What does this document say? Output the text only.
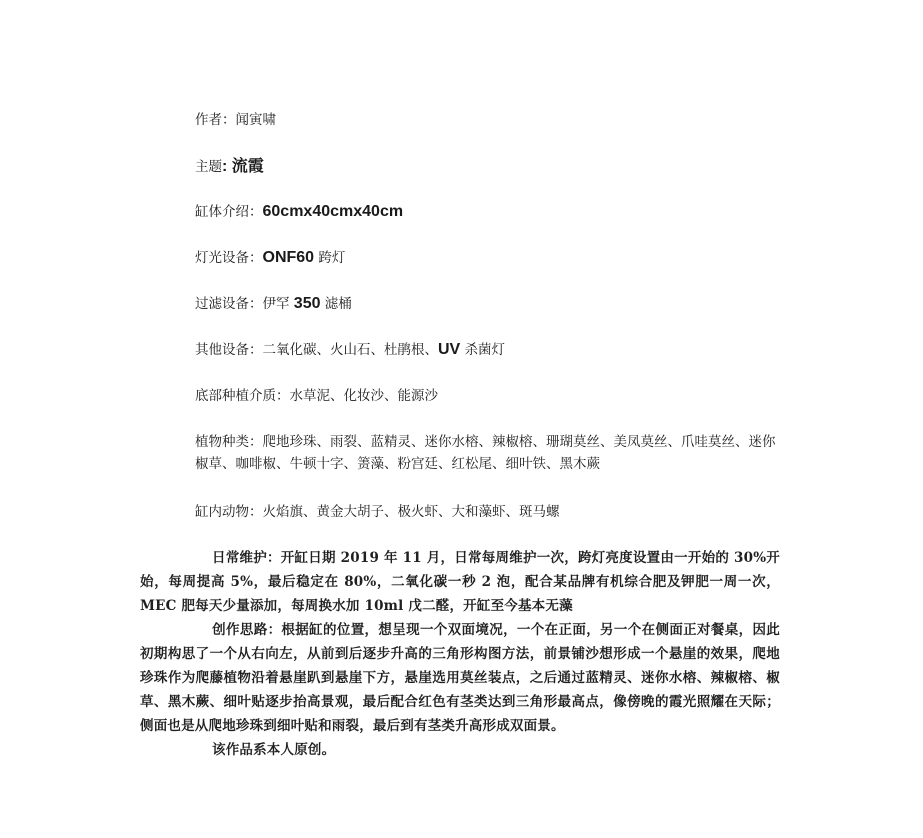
作者：闻寅啸
主题: 流霞
缸体介绍：60cmx40cmx40cm
灯光设备：ONF60 跨灯
过滤设备：伊罕 350 滤桶
其他设备：二氧化碳、火山石、杜鹃根、UV 杀菌灯
底部种植介质：水草泥、化妆沙、能源沙
植物种类：爬地珍珠、雨裂、蓝精灵、迷你水榕、辣椒榕、珊瑚莫丝、美凤莫丝、爪哇莫丝、迷你椒草、咖啡椒、牛顿十字、箦藻、粉宫廷、红松尾、细叶铁、黑木蕨
缸内动物：火焰旗、黄金大胡子、极火虾、大和藻虾、斑马螺

日常维护：开缸日期 2019 年 11 月，日常每周维护一次，跨灯亮度设置由一开始的 30%开始，每周提高 5%，最后稳定在 80%，二氧化碳一秒 2 泡，配合某品牌有机综合肥及钾肥一周一次，MEC 肥每天少量添加，每周换水加 10ml 戊二醛，开缸至今基本无藻

创作思路：根据缸的位置，想呈现一个双面境况，一个在正面，另一个在侧面正对餐桌，因此初期构思了一个从右向左，从前到后逐步升高的三角形构图方法，前景铺沙想形成一个悬崖的效果，爬地珍珠作为爬藤植物沿着悬崖趴到悬崖下方，悬崖选用莫丝装点，之后通过蓝精灵、迷你水榕、辣椒榕、椒草、黑木蕨、细叶贴逐步抬高景观，最后配合红色有茎类达到三角形最高点，像傍晚的霞光照耀在天际；侧面也是从爬地珍珠到细叶贴和雨裂，最后到有茎类升高形成双面景。

该作品系本人原创。
